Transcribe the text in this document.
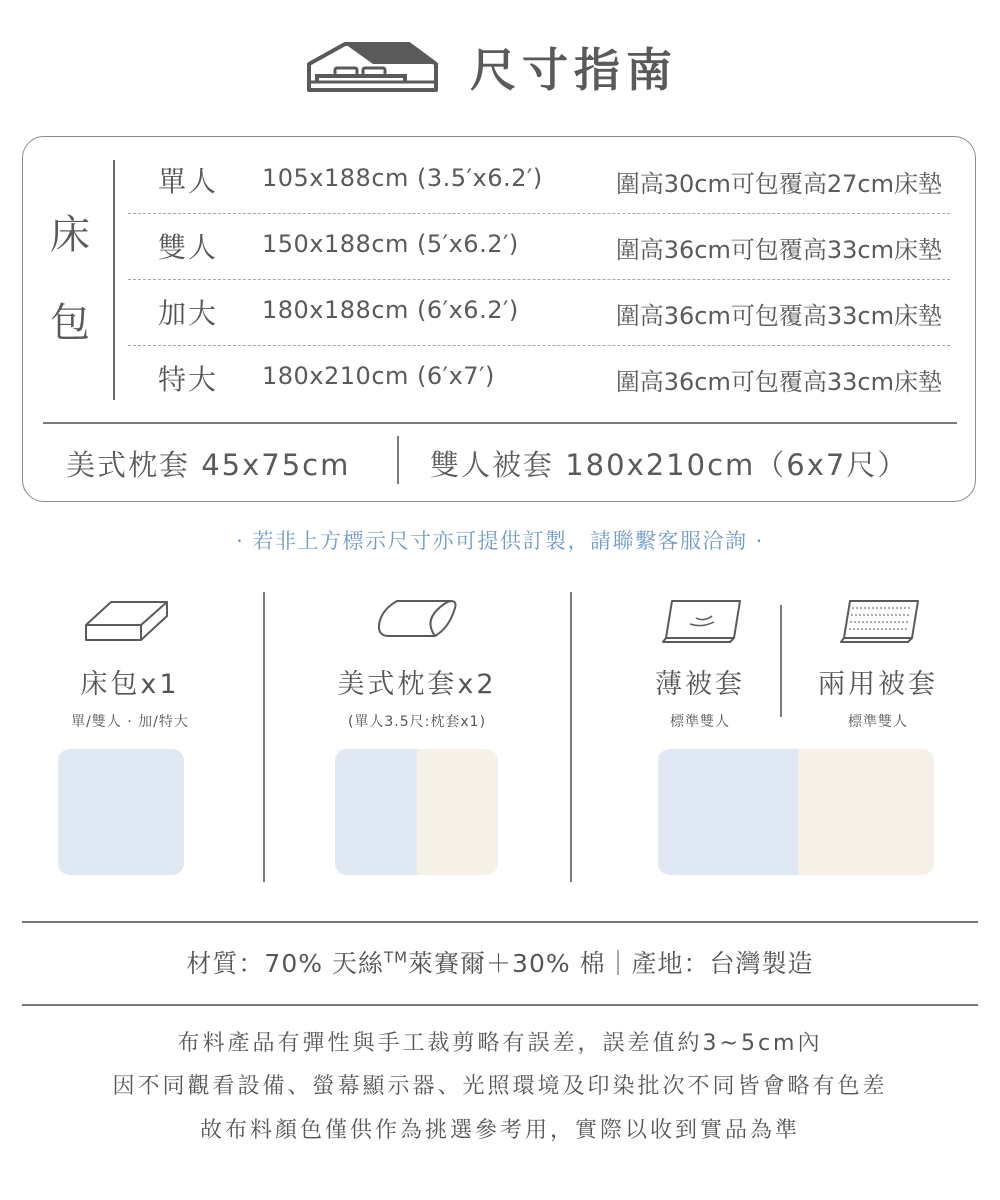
尺寸指南
床
包
單人 105x188cm (3.5′x6.2′)	圍高30cm可包覆高27cm床墊
雙人 150x188cm (5′x6.2′)	圍高36cm可包覆高33cm床墊
加大 180x188cm (6′x6.2′)	圍高36cm可包覆高33cm床墊
特大 180x210cm (6′x7′)	圍高36cm可包覆高33cm床墊
美式枕套 45x75cm	雙人被套 180x210cm（6x7尺）
· 若非上方標示尺寸亦可提供訂製，請聯繫客服洽詢 ·
床包x1
單/雙人 · 加/特大
美式枕套x2
(單人3.5尺:枕套x1)
薄被套
標準雙人
兩用被套
標準雙人
材質：70% 天絲™萊賽爾＋30% 棉｜產地：台灣製造
布料產品有彈性與手工裁剪略有誤差，誤差值約3~5cm內
因不同觀看設備、螢幕顯示器、光照環境及印染批次不同皆會略有色差
故布料顏色僅供作為挑選參考用，實際以收到實品為準
